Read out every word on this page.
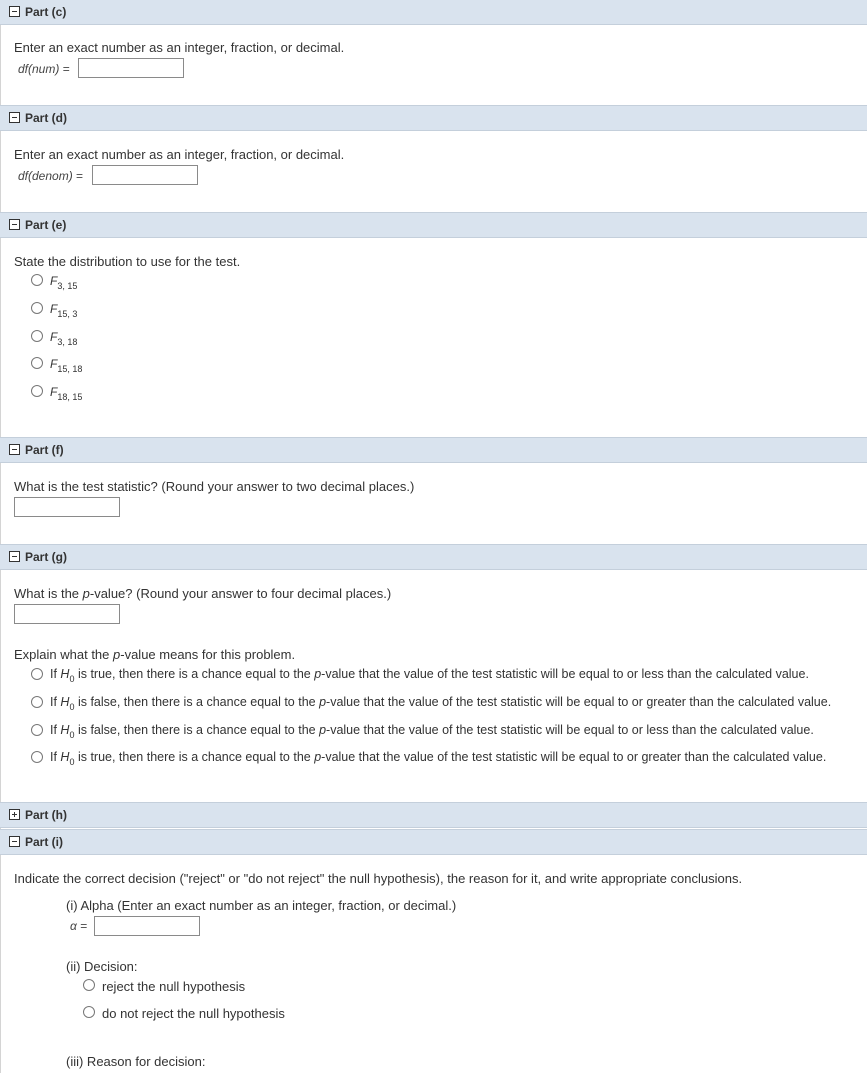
Part (c)
Enter an exact number as an integer, fraction, or decimal.
df(num) =
Part (d)
Enter an exact number as an integer, fraction, or decimal.
df(denom) =
Part (e)
State the distribution to use for the test.
$F_{3, 15}$
$F_{15, 3}$
$F_{3, 18}$
$F_{15, 18}$
$F_{18, 15}$
Part (f)
What is the test statistic? (Round your answer to two decimal places.)
Part (g)
What is the p-value? (Round your answer to four decimal places.)
Explain what the p-value means for this problem.
If $H_0$ is true, then there is a chance equal to the p-value that the value of the test statistic will be equal to or less than the calculated value.
If $H_0$ is false, then there is a chance equal to the p-value that the value of the test statistic will be equal to or greater than the calculated value.
If $H_0$ is false, then there is a chance equal to the p-value that the value of the test statistic will be equal to or less than the calculated value.
If $H_0$ is true, then there is a chance equal to the p-value that the value of the test statistic will be equal to or greater than the calculated value.
Part (h)
Part (i)
Indicate the correct decision ("reject" or "do not reject" the null hypothesis), the reason for it, and write appropriate conclusions.
(i) Alpha (Enter an exact number as an integer, fraction, or decimal.)
α =
(ii) Decision:
reject the null hypothesis
do not reject the null hypothesis
(iii) Reason for decision:
